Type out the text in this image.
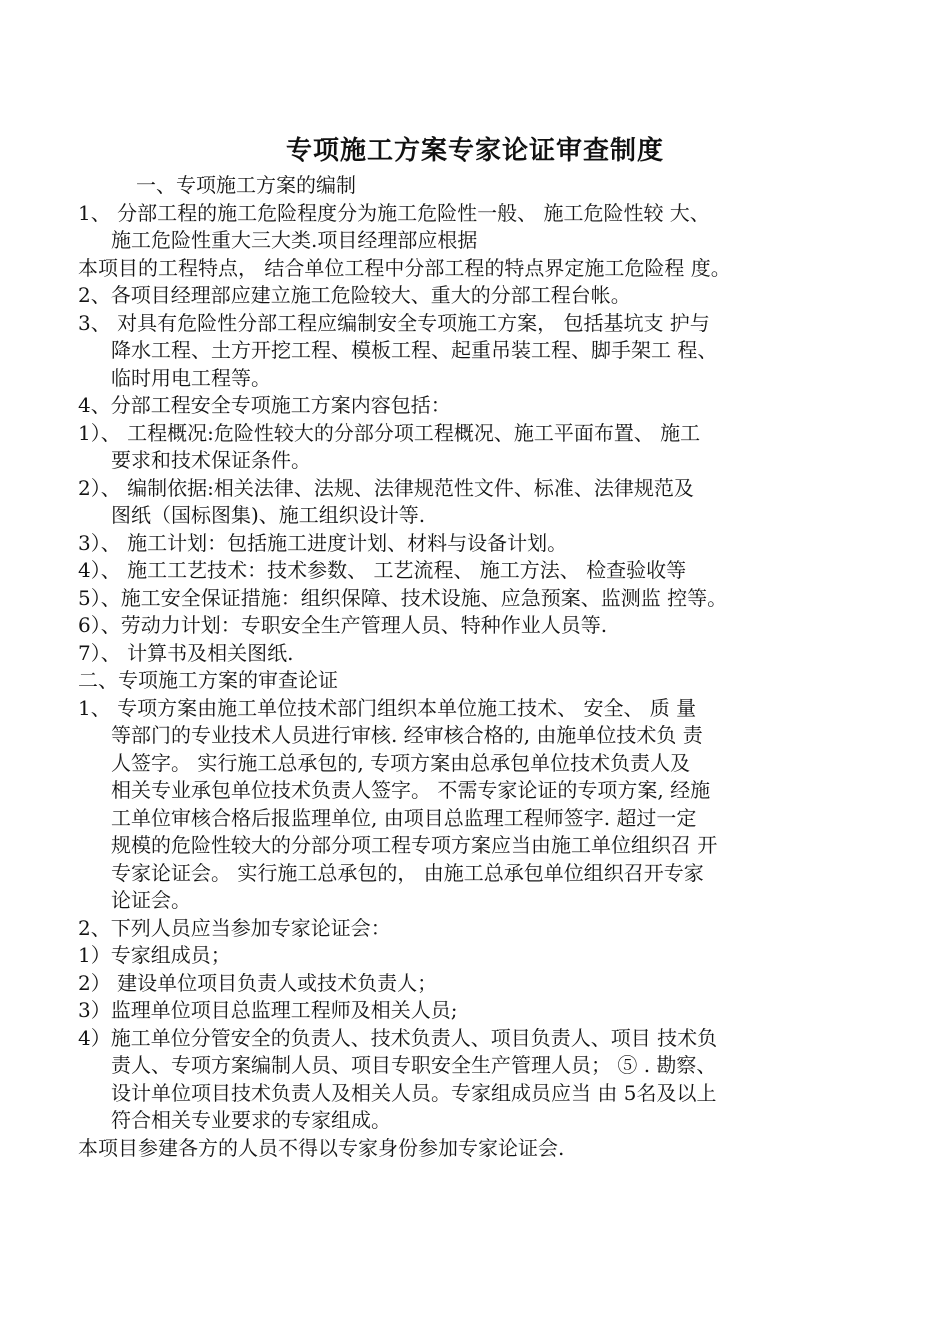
专项施工方案专家论证审查制度
一、专项施工方案的编制
1、 分部工程的施工危险程度分为施工危险性一般、 施工危险性较 大、
施工危险性重大三大类.项目经理部应根据
本项目的工程特点， 结合单位工程中分部工程的特点界定施工危险程 度。
2、各项目经理部应建立施工危险较大、重大的分部工程台帐。
3、 对具有危险性分部工程应编制安全专项施工方案， 包括基坑支 护与
降水工程、土方开挖工程、模板工程、起重吊装工程、脚手架工 程、
临时用电工程等。
4、分部工程安全专项施工方案内容包括：
1）、 工程概况:危险性较大的分部分项工程概况、施工平面布置、 施工
要求和技术保证条件。
2）、 编制依据:相关法律、法规、法律规范性文件、标准、法律规范及
图纸（国标图集)、施工组织设计等.
3）、 施工计划：包括施工进度计划、材料与设备计划。
4）、 施工工艺技术：技术参数、 工艺流程、 施工方法、 检查验收等
5）、施工安全保证措施：组织保障、技术设施、应急预案、监测监 控等。
6）、劳动力计划：专职安全生产管理人员、特种作业人员等.
7）、 计算书及相关图纸.
二、专项施工方案的审查论证
1、 专项方案由施工单位技术部门组织本单位施工技术、 安全、 质 量
等部门的专业技术人员进行审核. 经审核合格的, 由施单位技术负 责
人签字。 实行施工总承包的, 专项方案由总承包单位技术负责人及
相关专业承包单位技术负责人签字。 不需专家论证的专项方案, 经施
工单位审核合格后报监理单位, 由项目总监理工程师签字. 超过一定
规模的危险性较大的分部分项工程专项方案应当由施工单位组织召 开
专家论证会。 实行施工总承包的， 由施工总承包单位组织召开专家
论证会。
2、下列人员应当参加专家论证会：
1）专家组成员；
2） 建设单位项目负责人或技术负责人；
3）监理单位项目总监理工程师及相关人员;
4）施工单位分管安全的负责人、技术负责人、项目负责人、项目 技术负
责人、专项方案编制人员、项目专职安全生产管理人员； ⑤ . 勘察、
设计单位项目技术负责人及相关人员。专家组成员应当 由 5名及以上
符合相关专业要求的专家组成。
本项目参建各方的人员不得以专家身份参加专家论证会.
